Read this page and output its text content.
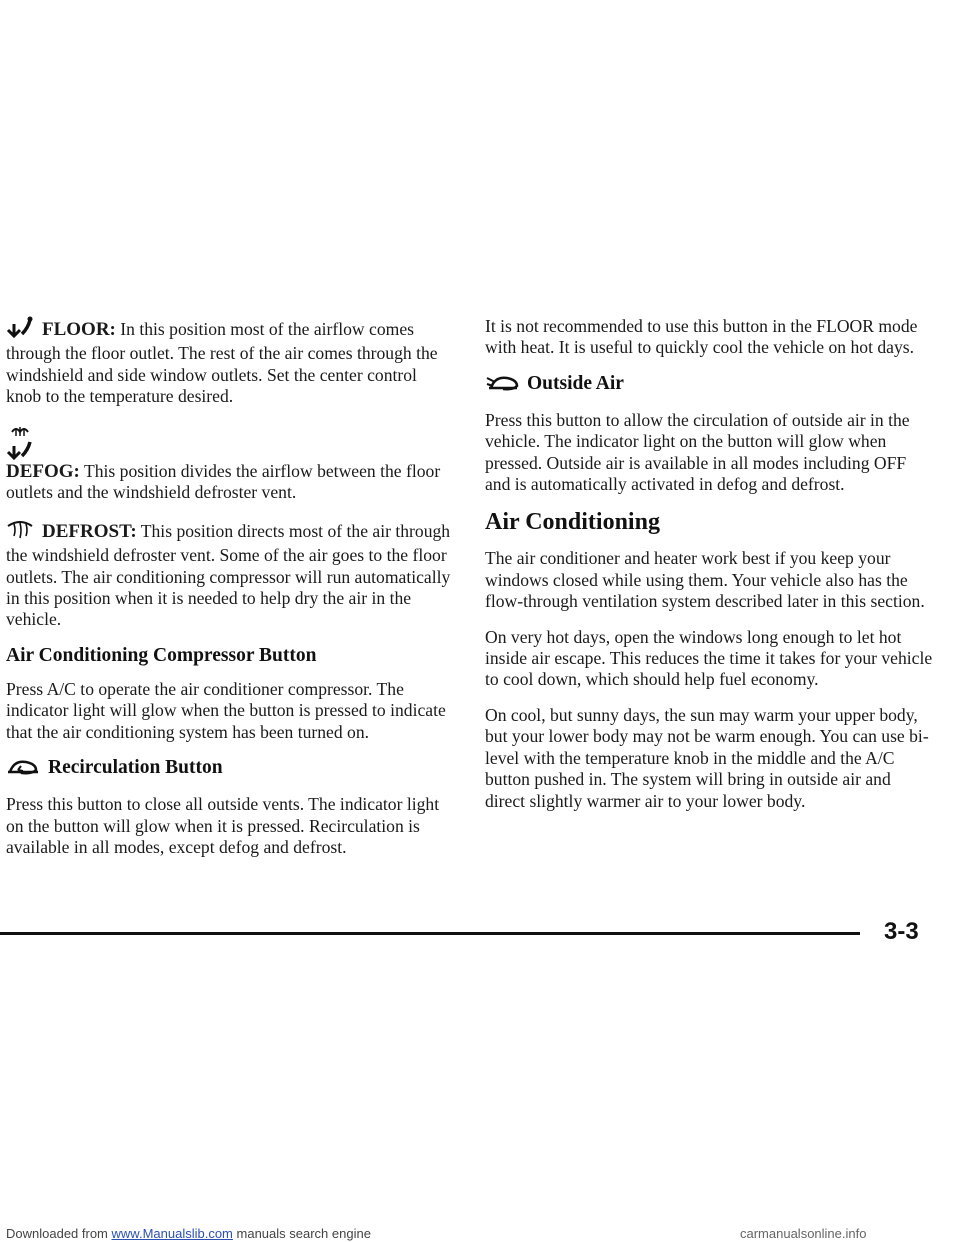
FLOOR: In this position most of the airflow comes through the floor outlet. The rest of the air comes through the windshield and side window outlets. Set the center control knob to the temperature desired.

DEFOG: This position divides the airflow between the floor outlets and the windshield defroster vent.

DEFROST: This position directs most of the air through the windshield defroster vent. Some of the air goes to the floor outlets. The air conditioning compressor will run automatically in this position when it is needed to help dry the air in the vehicle.

Air Conditioning Compressor Button

Press A/C to operate the air conditioner compressor. The indicator light will glow when the button is pressed to indicate that the air conditioning system has been turned on.

Recirculation Button

Press this button to close all outside vents. The indicator light on the button will glow when it is pressed. Recirculation is available in all modes, except defog and defrost.

It is not recommended to use this button in the FLOOR mode with heat. It is useful to quickly cool the vehicle on hot days.

Outside Air

Press this button to allow the circulation of outside air in the vehicle. The indicator light on the button will glow when pressed. Outside air is available in all modes including OFF and is automatically activated in defog and defrost.

Air Conditioning

The air conditioner and heater work best if you keep your windows closed while using them. Your vehicle also has the flow-through ventilation system described later in this section.

On very hot days, open the windows long enough to let hot inside air escape. This reduces the time it takes for your vehicle to cool down, which should help fuel economy.

On cool, but sunny days, the sun may warm your upper body, but your lower body may not be warm enough. You can use bi-level with the temperature knob in the middle and the A/C button pushed in. The system will bring in outside air and direct slightly warmer air to your lower body.

3-3
Downloaded from www.Manualslib.com manuals search engine	carmanualsonline.info
